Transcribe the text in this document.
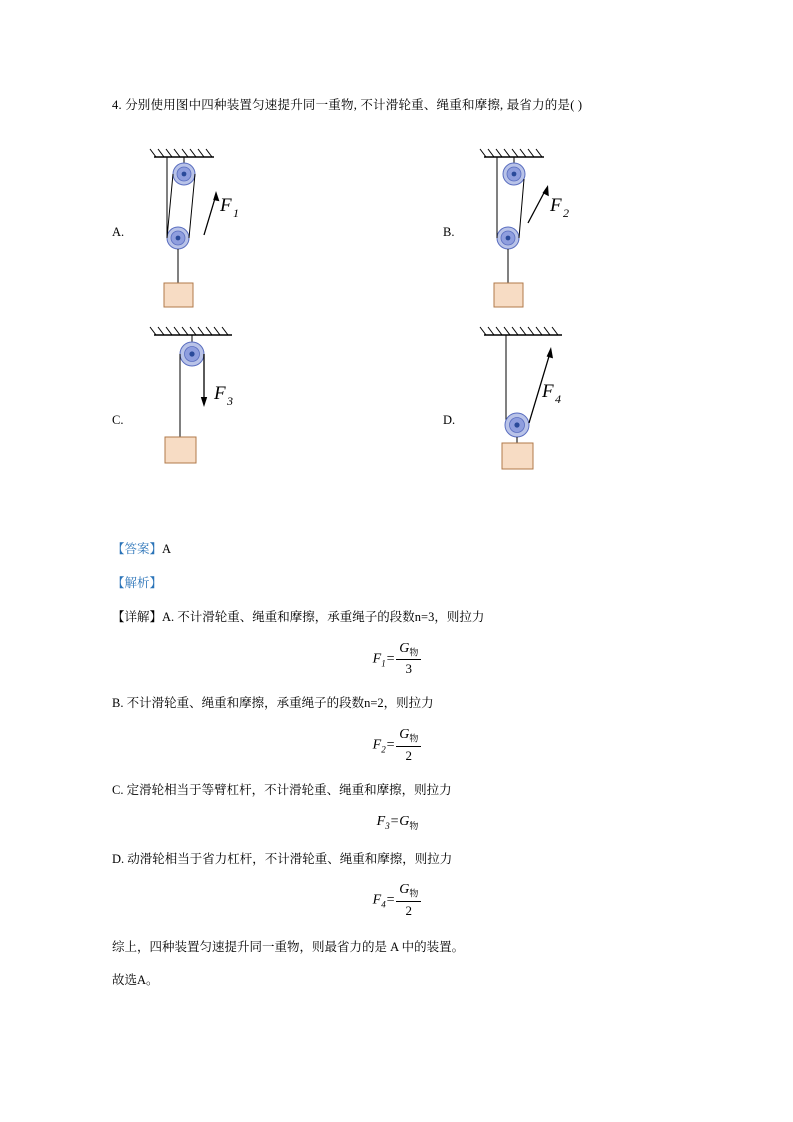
4. 分别使用图中四种装置匀速提升同一重物, 不计滑轮重、绳重和摩擦, 最省力的是( )
A.	B.
C.	D.
F 1	F 2
F 3	F 4
【答案】A
【解析】
【详解】A. 不计滑轮重、绳重和摩擦，承重绳子的段数n=3，则拉力
$F_1= \frac{G_物}{3}$
B. 不计滑轮重、绳重和摩擦，承重绳子的段数n=2，则拉力
$F_2= \frac{G_物}{2}$
C. 定滑轮相当于等臂杠杆，不计滑轮重、绳重和摩擦，则拉力
$F_3=G_物$
D. 动滑轮相当于省力杠杆，不计滑轮重、绳重和摩擦，则拉力
$F_4= \frac{G_物}{2}$
综上，四种装置匀速提升同一重物，则最省力的是 A 中的装置。
故选A。
